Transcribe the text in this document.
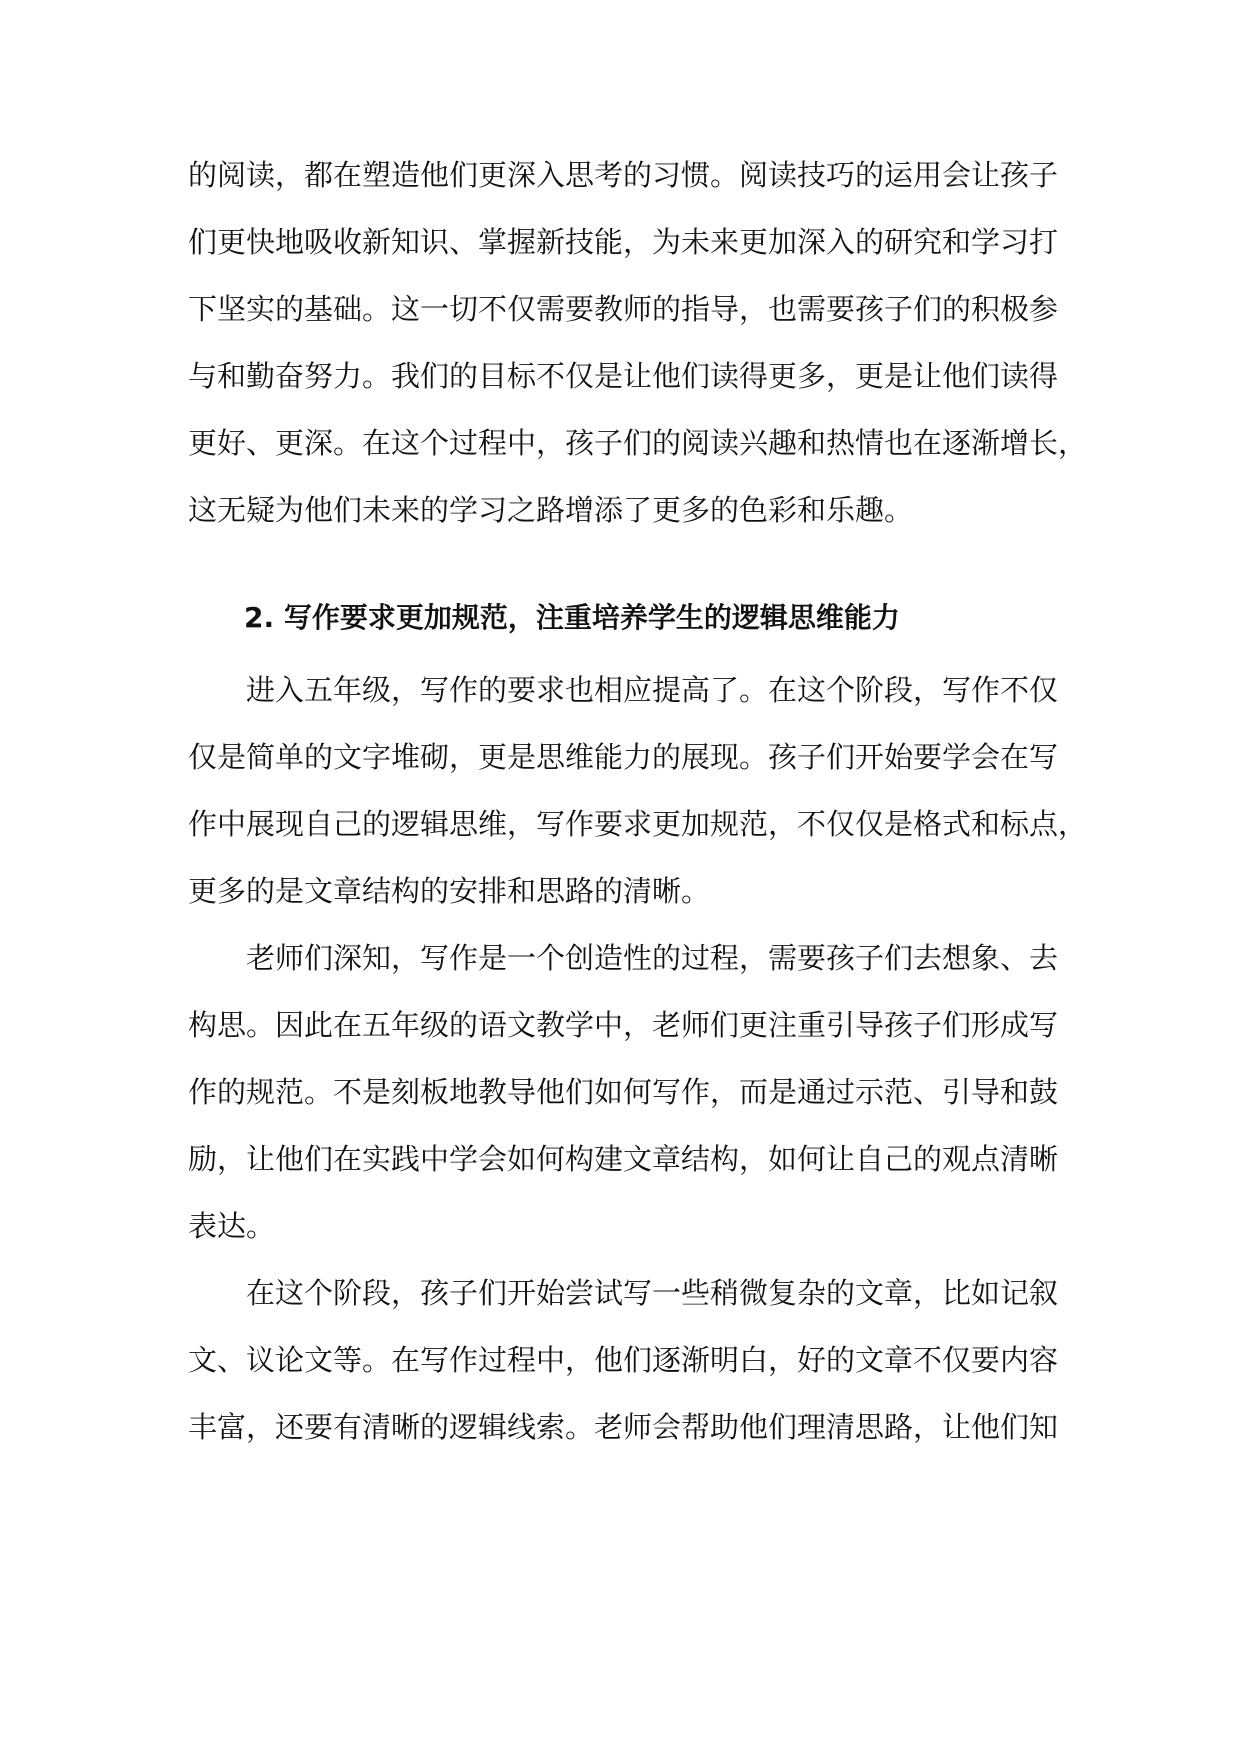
的阅读，都在塑造他们更深入思考的习惯。阅读技巧的运用会让孩子
们更快地吸收新知识、掌握新技能，为未来更加深入的研究和学习打
下坚实的基础。这一切不仅需要教师的指导，也需要孩子们的积极参
与和勤奋努力。我们的目标不仅是让他们读得更多，更是让他们读得
更好、更深。在这个过程中，孩子们的阅读兴趣和热情也在逐渐增长，
这无疑为他们未来的学习之路增添了更多的色彩和乐趣。
2. 写作要求更加规范，注重培养学生的逻辑思维能力
进入五年级，写作的要求也相应提高了。在这个阶段，写作不仅
仅是简单的文字堆砌，更是思维能力的展现。孩子们开始要学会在写
作中展现自己的逻辑思维，写作要求更加规范，不仅仅是格式和标点，
更多的是文章结构的安排和思路的清晰。
老师们深知，写作是一个创造性的过程，需要孩子们去想象、去
构思。因此在五年级的语文教学中，老师们更注重引导孩子们形成写
作的规范。不是刻板地教导他们如何写作，而是通过示范、引导和鼓
励，让他们在实践中学会如何构建文章结构，如何让自己的观点清晰
表达。
在这个阶段，孩子们开始尝试写一些稍微复杂的文章，比如记叙
文、议论文等。在写作过程中，他们逐渐明白，好的文章不仅要内容
丰富，还要有清晰的逻辑线索。老师会帮助他们理清思路，让他们知
